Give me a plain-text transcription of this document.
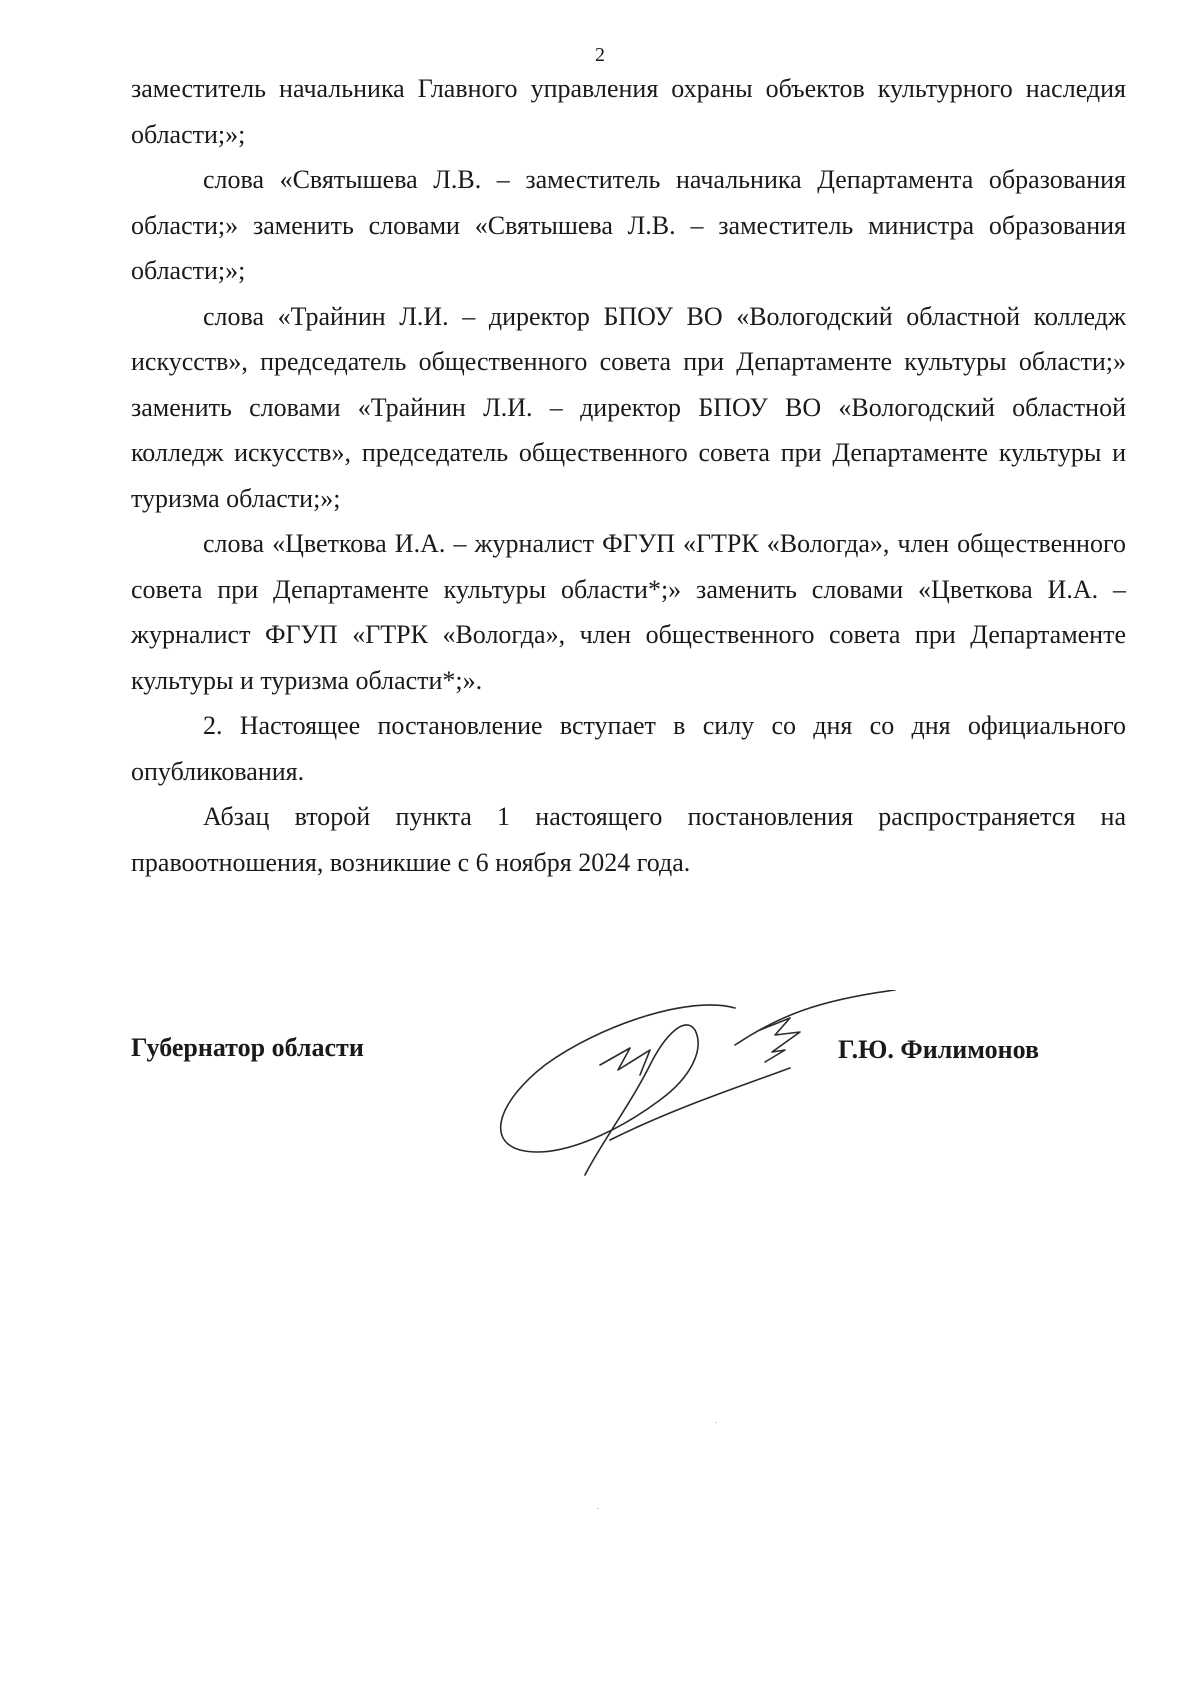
2

заместитель начальника Главного управления охраны объектов культурного наследия области;»;

слова «Святышева Л.В. – заместитель начальника Департамента образования области;» заменить словами «Святышева Л.В. – заместитель министра образования области;»;

слова «Трайнин Л.И. – директор БПОУ ВО «Вологодский областной колледж искусств», председатель общественного совета при Департаменте культуры области;» заменить словами «Трайнин Л.И. – директор БПОУ ВО «Вологодский областной колледж искусств», председатель общественного совета при Департаменте культуры и туризма области;»;

слова «Цветкова И.А. – журналист ФГУП «ГТРК «Вологда», член общественного совета при Департаменте культуры области*;» заменить словами «Цветкова И.А. – журналист ФГУП «ГТРК «Вологда», член общественного совета при Департаменте культуры и туризма области*;».

2. Настоящее постановление вступает в силу со дня со дня официального опубликования.

Абзац второй пункта 1 настоящего постановления распространяется на правоотношения, возникшие с 6 ноября 2024 года.

Губернатор области	Г.Ю. Филимонов
